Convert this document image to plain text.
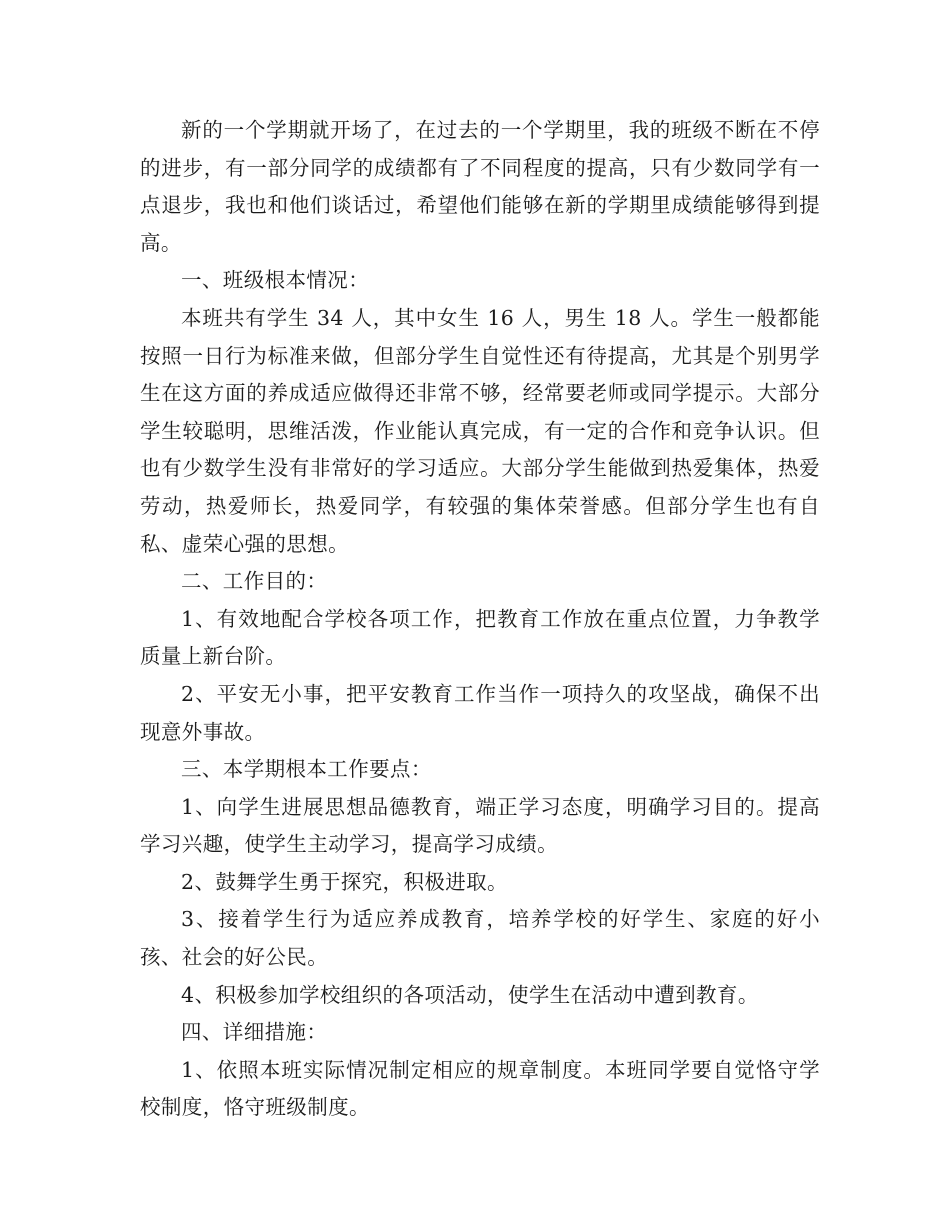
新的一个学期就开场了，在过去的一个学期里，我的班级不断在不停的进步，有一部分同学的成绩都有了不同程度的提高，只有少数同学有一点退步，我也和他们谈话过，希望他们能够在新的学期里成绩能够得到提高。

一、班级根本情况：

本班共有学生 34 人，其中女生 16 人，男生 18 人。学生一般都能按照一日行为标准来做，但部分学生自觉性还有待提高，尤其是个别男学生在这方面的养成适应做得还非常不够，经常要老师或同学提示。大部分学生较聪明，思维活泼，作业能认真完成，有一定的合作和竞争认识。但也有少数学生没有非常好的学习适应。大部分学生能做到热爱集体，热爱劳动，热爱师长，热爱同学，有较强的集体荣誉感。但部分学生也有自私、虚荣心强的思想。

二、工作目的：

1、有效地配合学校各项工作，把教育工作放在重点位置，力争教学质量上新台阶。

2、平安无小事，把平安教育工作当作一项持久的攻坚战，确保不出现意外事故。

三、本学期根本工作要点：

1、向学生进展思想品德教育，端正学习态度，明确学习目的。提高学习兴趣，使学生主动学习，提高学习成绩。

2、鼓舞学生勇于探究，积极进取。

3、接着学生行为适应养成教育，培养学校的好学生、家庭的好小孩、社会的好公民。

4、积极参加学校组织的各项活动，使学生在活动中遭到教育。

四、详细措施：

1、依照本班实际情况制定相应的规章制度。本班同学要自觉恪守学校制度，恪守班级制度。
